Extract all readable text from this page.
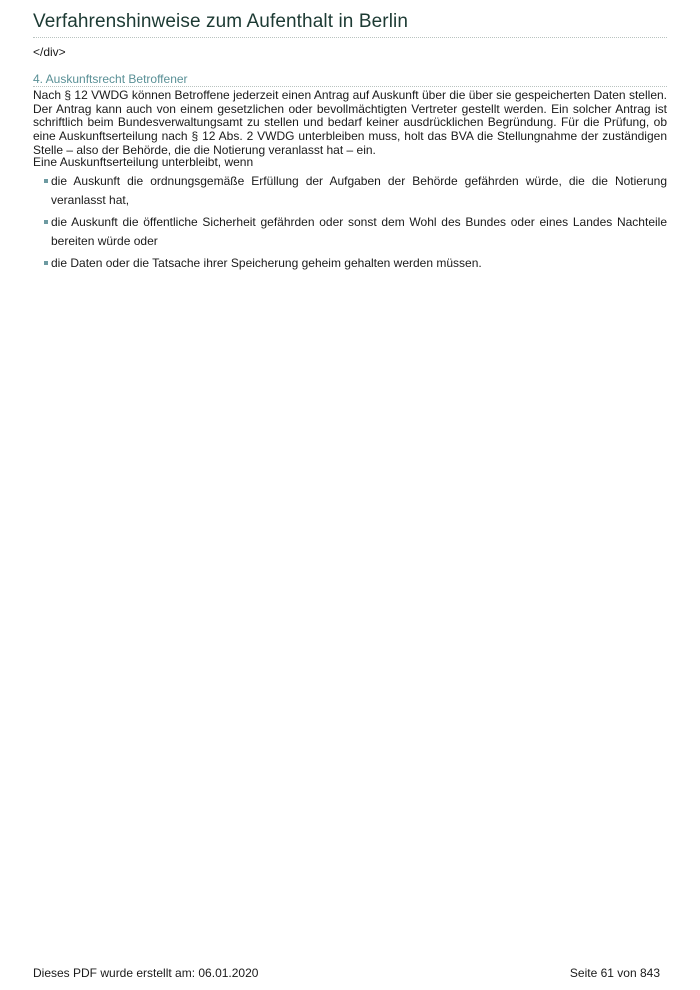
Verfahrenshinweise zum Aufenthalt in Berlin
</div>
4. Auskunftsrecht Betroffener
Nach § 12 VWDG können Betroffene jederzeit einen Antrag auf Auskunft über die über sie gespeicherten Daten stellen. Der Antrag kann auch von einem gesetzlichen oder bevollmächtigten Vertreter gestellt werden. Ein solcher Antrag ist schriftlich beim Bundesverwaltungsamt zu stellen und bedarf keiner ausdrücklichen Begründung. Für die Prüfung, ob eine Auskunftserteilung nach § 12 Abs. 2 VWDG unterbleiben muss, holt das BVA die Stellungnahme der zuständigen Stelle – also der Behörde, die die Notierung veranlasst hat – ein.
Eine Auskunftserteilung unterbleibt, wenn
die Auskunft die ordnungsgemäße Erfüllung der Aufgaben der Behörde gefährden würde, die die Notierung veranlasst hat,
die Auskunft die öffentliche Sicherheit gefährden oder sonst dem Wohl des Bundes oder eines Landes Nachteile bereiten würde oder
die Daten oder die Tatsache ihrer Speicherung geheim gehalten werden müssen.
Dieses PDF wurde erstellt am: 06.01.2020	Seite 61 von 843
